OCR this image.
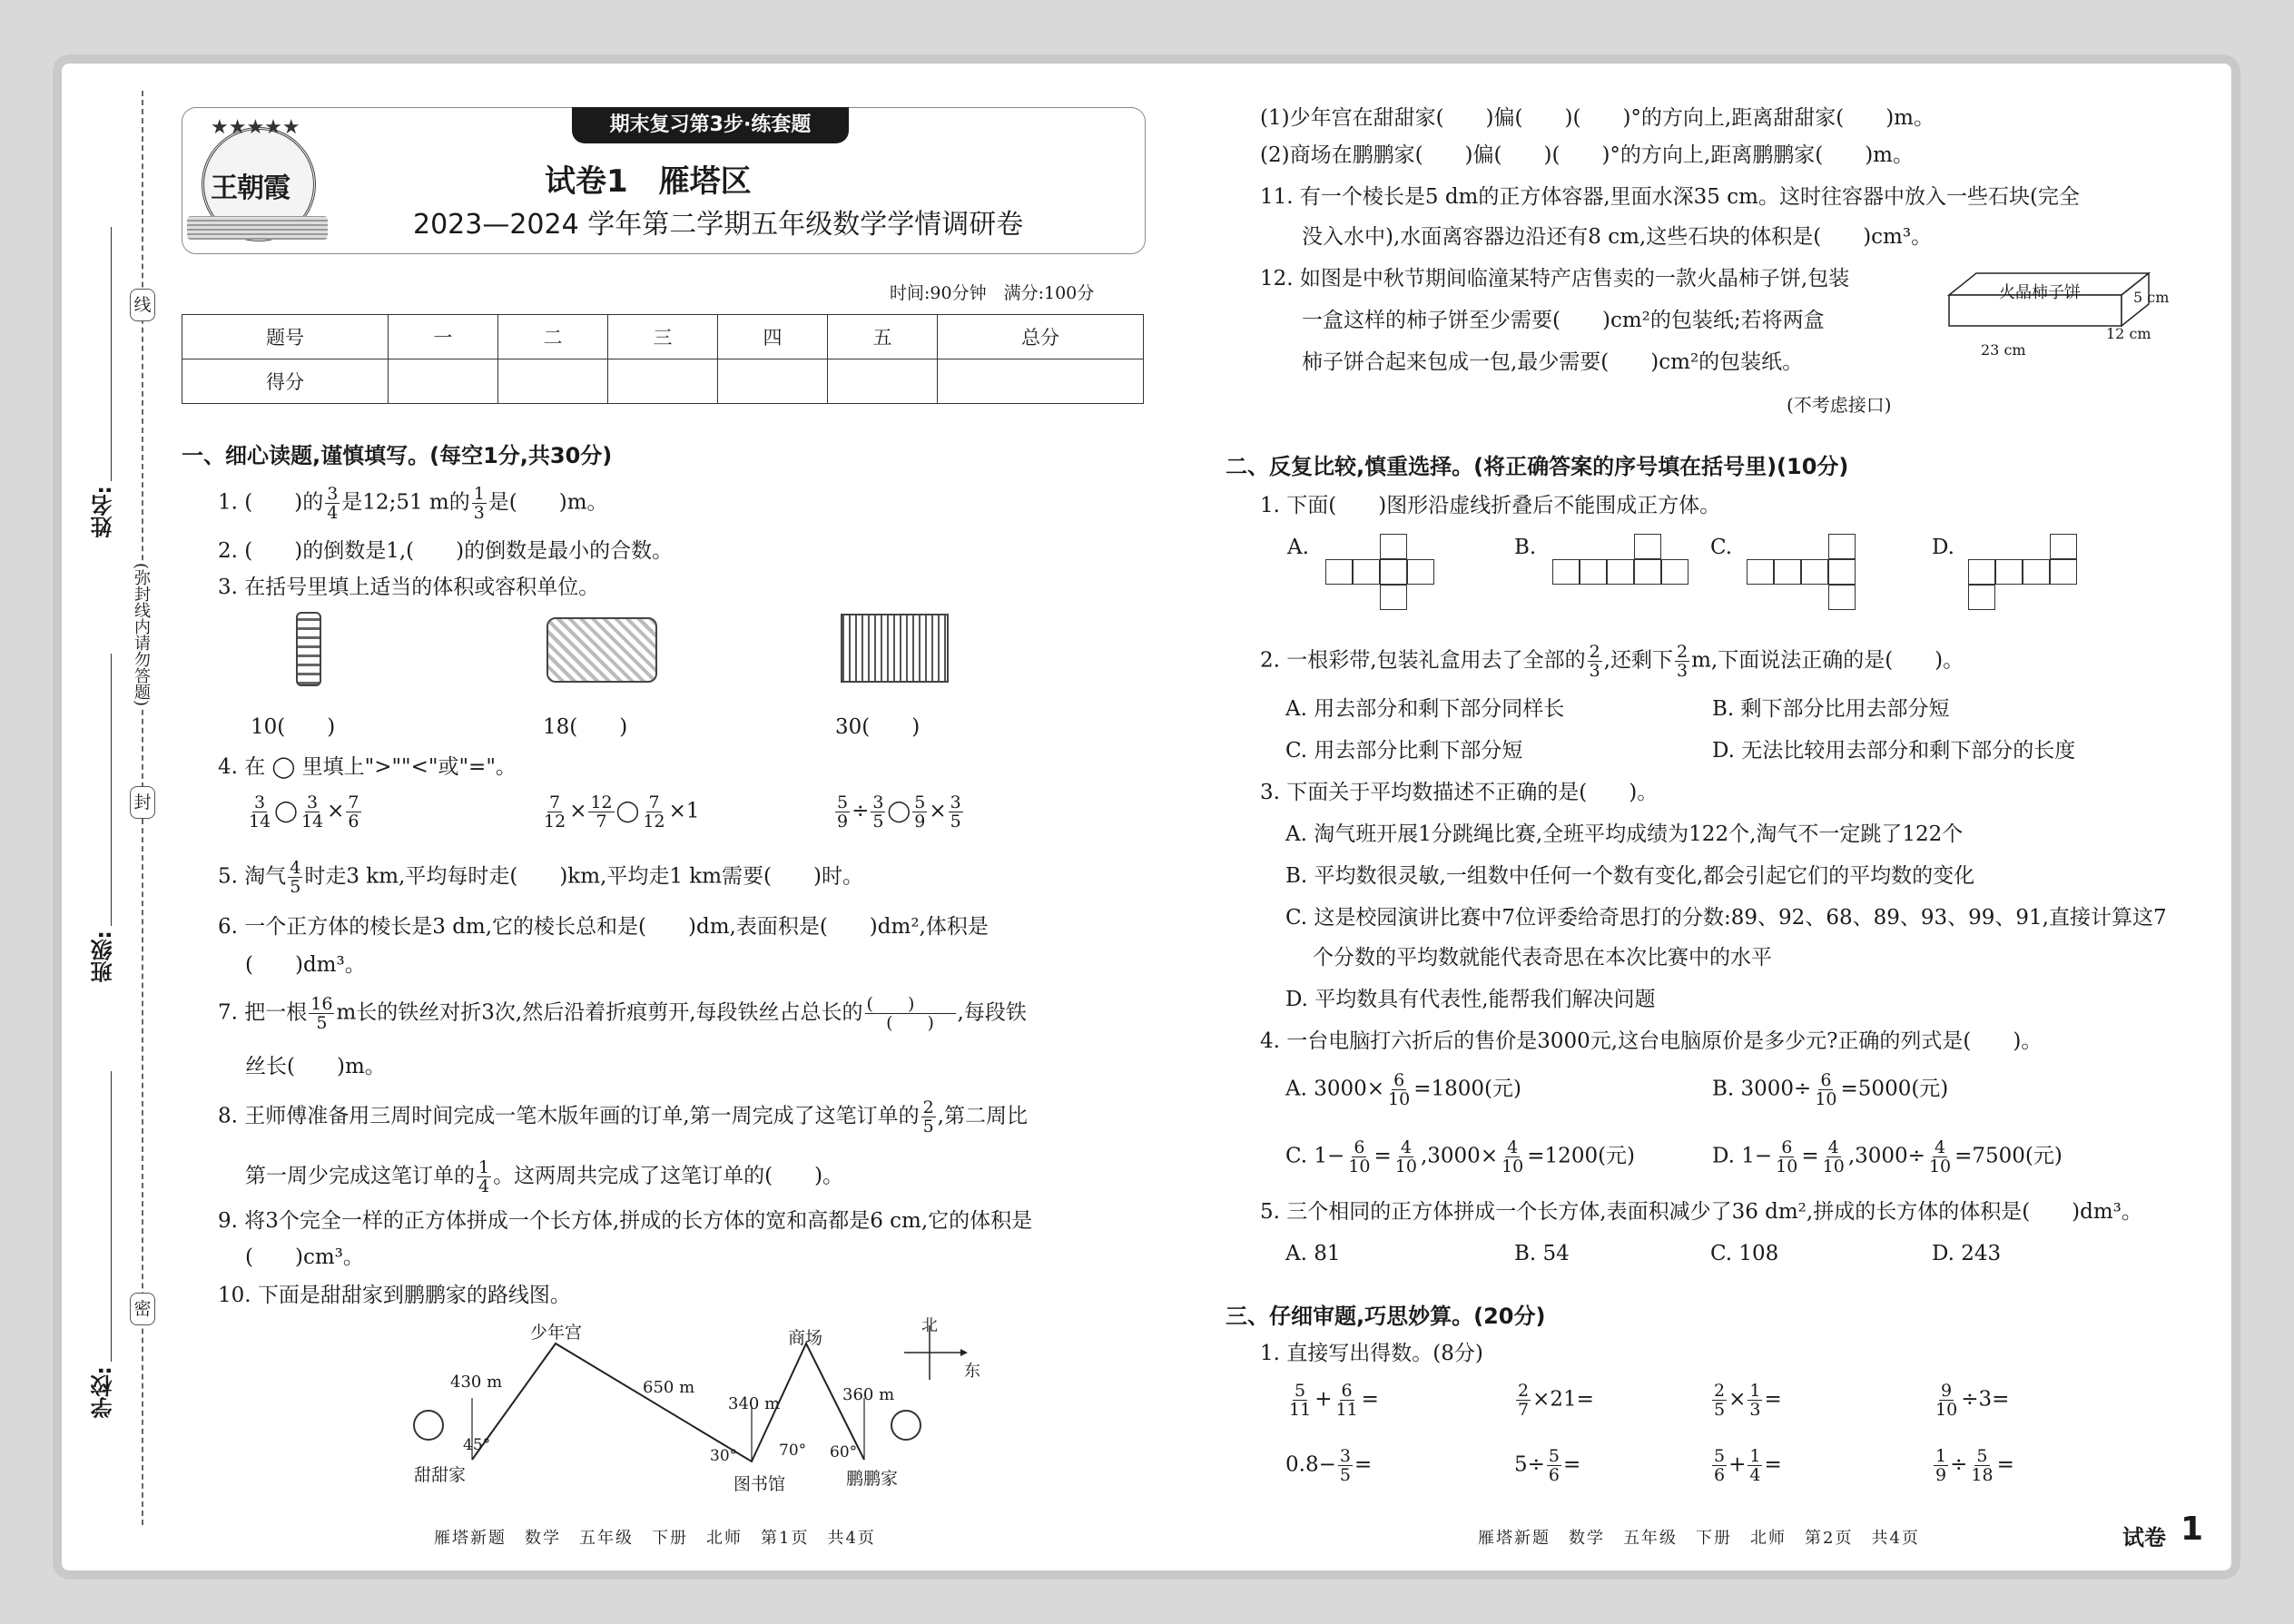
线
封
密
(弥封线内请勿答题)
姓名:
班级:
学校:
期末复习第3步·练套题
王朝霞
★★★★★
试卷1　雁塔区
2023—2024 学年第二学期五年级数学学情调研卷
时间:90分钟　满分:100分
题号	一	二	三	四	五	总分
得分						
一、细心读题,谨慎填写。(每空1分,共30分)
1. (　　)的 $\frac{3}{4}$ 是12;51 m的 $\frac{1}{3}$ 是(　　)m。
2. (　　)的倒数是1,(　　)的倒数是最小的合数。
3. 在括号里填上适当的体积或容积单位。
10(　　)	18(　　)	30(　　)
4. 在 ◯ 里填上">""<"或"="。
$\frac{3}{14}$ ◯ $\frac{3}{14} \times \frac{7}{6}$	$\frac{7}{12} \times \frac{12}{7}$ ◯ $\frac{7}{12} \times 1$	$\frac{5}{9} \div \frac{3}{5}$ ◯ $\frac{5}{9} \times \frac{3}{5}$
5. 淘气 $\frac{4}{5}$ 时走3 km,平均每时走(　　)km,平均走1 km需要(　　)时。
6. 一个正方体的棱长是3 dm,它的棱长总和是(　　)dm,表面积是(　　)dm²,体积是
(　　)dm³。
7. 把一根 $\frac{16}{5}$ m长的铁丝对折3次,然后沿着折痕剪开,每段铁丝占总长的 $\frac{( )}{( )}$ ,每段铁
丝长(　　)m。
8. 王师傅准备用三周时间完成一笔木版年画的订单,第一周完成了这笔订单的 $\frac{2}{5}$ ,第二周比
第一周少完成这笔订单的 $\frac{1}{4}$ 。这两周共完成了这笔订单的(　　)。
9. 将3个完全一样的正方体拼成一个长方体,拼成的长方体的宽和高都是6 cm,它的体积是
(　　)cm³。
10. 下面是甜甜家到鹏鹏家的路线图。
少年宫	商场
甜甜家	图书馆	鹏鹏家
430 m	650 m
340 m	360 m
45°
30°	70° 60°
北
东
雁塔新题　数学　五年级　下册　北师　第1页　共4页
(1)少年宫在甜甜家(　　)偏(　　)(　　)°的方向上,距离甜甜家(　　)m。
(2)商场在鹏鹏家(　　)偏(　　)(　　)°的方向上,距离鹏鹏家(　　)m。
11. 有一个棱长是5 dm的正方体容器,里面水深35 cm。这时往容器中放入一些石块(完全
没入水中),水面离容器边沿还有8 cm,这些石块的体积是(　　)cm³。
12. 如图是中秋节期间临潼某特产店售卖的一款火晶柿子饼,包装
一盒这样的柿子饼至少需要(　　)cm²的包装纸;若将两盒
柿子饼合起来包成一包,最少需要(　　)cm²的包装纸。
(不考虑接口)
火晶柿子饼	5 cm
12 cm
23 cm
二、反复比较,慎重选择。(将正确答案的序号填在括号里)(10分)
1. 下面(　　)图形沿虚线折叠后不能围成正方体。
A.	B.	C.	D.
2. 一根彩带,包装礼盒用去了全部的 $\frac{2}{3}$ ,还剩下 $\frac{2}{3} m$,下面说法正确的是(　　)。
A. 用去部分和剩下部分同样长	B. 剩下部分比用去部分短
C. 用去部分比剩下部分短	D. 无法比较用去部分和剩下部分的长度
3. 下面关于平均数描述不正确的是(　　)。
A. 淘气班开展1分跳绳比赛,全班平均成绩为122个,淘气不一定跳了122个
B. 平均数很灵敏,一组数中任何一个数有变化,都会引起它们的平均数的变化
C. 这是校园演讲比赛中7位评委给奇思打的分数:89、92、68、89、93、99、91,直接计算这7
个分数的平均数就能代表奇思在本次比赛中的水平
D. 平均数具有代表性,能帮我们解决问题
4. 一台电脑打六折后的售价是3000元,这台电脑原价是多少元?正确的列式是(　　)。
A. $3000\times \frac{6}{10} =1800$(元)	B. $3000\div \frac{6}{10} =5000$(元)
C. $1- \frac{6}{10} = \frac{4}{10} ,3000\times \frac{4}{10} =1200$(元)	D. $1- \frac{6}{10} = \frac{4}{10} ,3000\div \frac{4}{10} =7500$(元)
5. 三个相同的正方体拼成一个长方体,表面积减少了36 dm²,拼成的长方体的体积是(　　)dm³。
A. 81	B. 54	C. 108	D. 243
三、仔细审题,巧思妙算。(20分)
1. 直接写出得数。(8分)
$\frac{5}{11} + \frac{6}{11}$ =	$\frac{2}{7} \times 21=$	$\frac{2}{5} \times \frac{1}{3}$ =	$\frac{9}{10} \div 3=$
$0.8- \frac{3}{5}$ =	$5\div \frac{5}{6}$ =	$\frac{5}{6} + \frac{1}{4}$ =	$\frac{1}{9} \div \frac{5}{18}$ =
雁塔新题　数学　五年级　下册　北师　第2页　共4页	试卷 1
